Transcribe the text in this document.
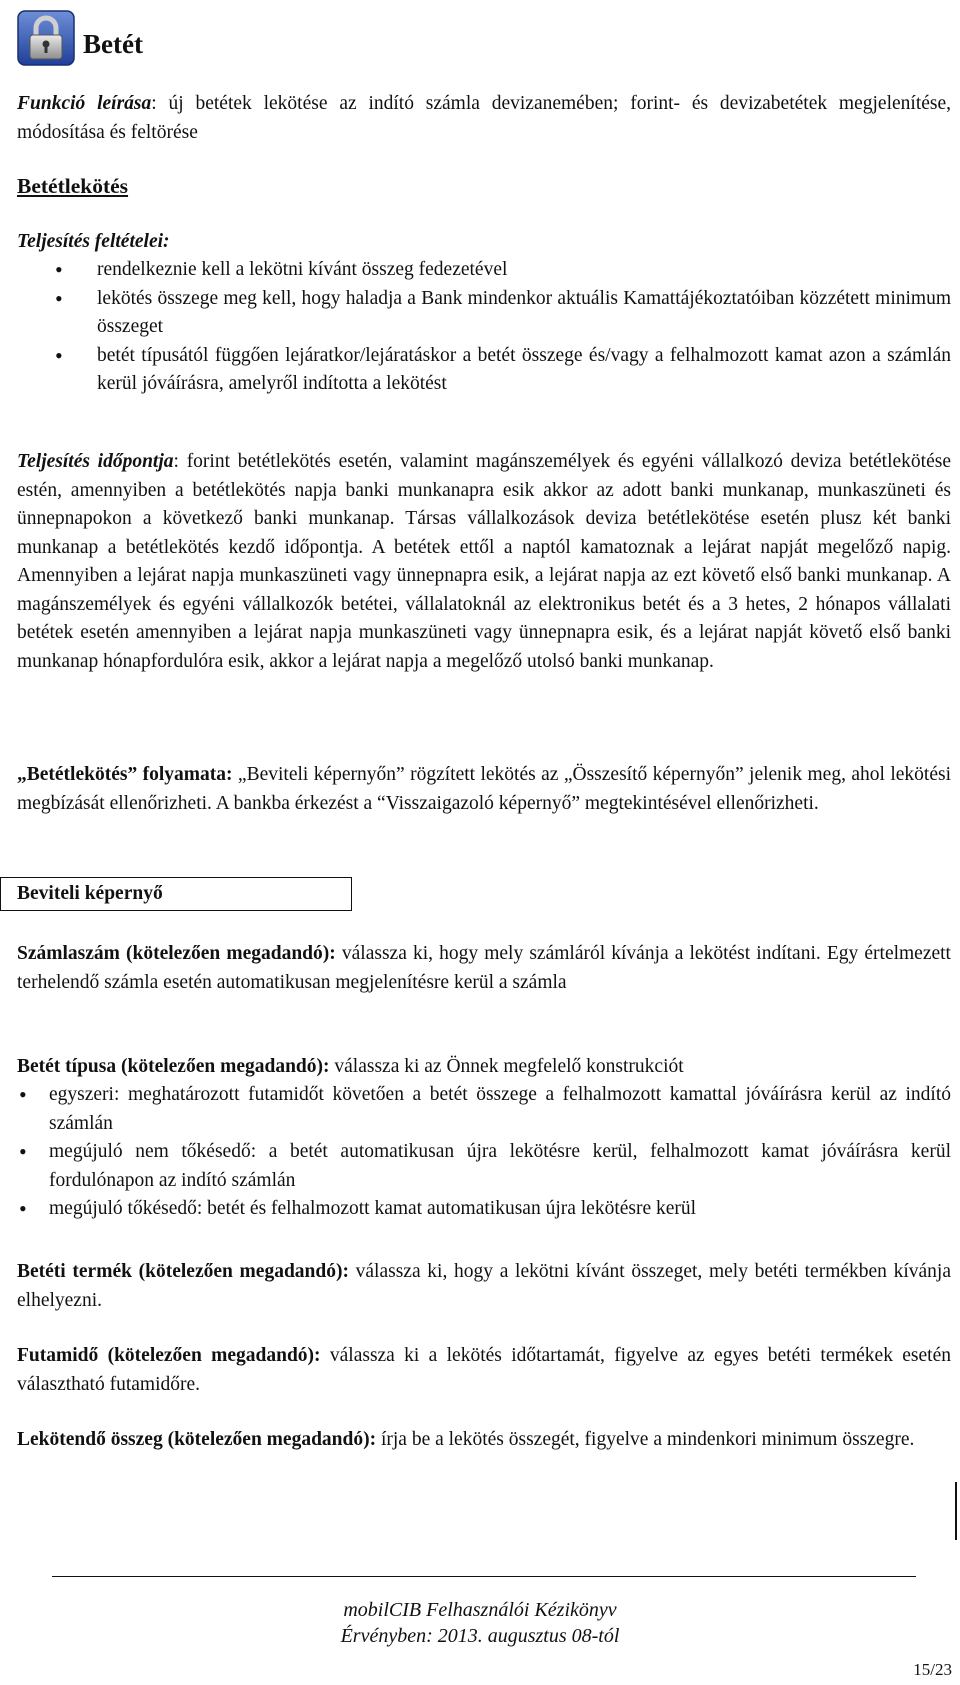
Betét

Funkció leírása: új betétek lekötése az indító számla devizanemében; forint- és devizabetétek megjelenítése, módosítása és feltörése

Betétlekötés
Teljesítés feltételei:
• rendelkeznie kell a lekötni kívánt összeg fedezetével
• lekötés összege meg kell, hogy haladja a Bank mindenkor aktuális Kamattájékoztatóiban közzétett minimum összeget
• betét típusától függően lejáratkor/lejáratáskor a betét összege és/vagy a felhalmozott kamat azon a számlán kerül jóváírásra, amelyről indította a lekötést

Teljesítés időpontja: forint betétlekötés esetén, valamint magánszemélyek és egyéni vállalkozó deviza betétlekötése estén, amennyiben a betétlekötés napja banki munkanapra esik akkor az adott banki munkanap, munkaszüneti és ünnepnapokon a következő banki munkanap. Társas vállalkozások deviza betétlekötése esetén plusz két banki munkanap a betétlekötés kezdő időpontja. A betétek ettől a naptól kamatoznak a lejárat napját megelőző napig. Amennyiben a lejárat napja munkaszüneti vagy ünnepnapra esik, a lejárat napja az ezt követő első banki munkanap. A magánszemélyek és egyéni vállalkozók betétei, vállalatoknál az elektronikus betét és a 3 hetes, 2 hónapos vállalati betétek esetén amennyiben a lejárat napja munkaszüneti vagy ünnepnapra esik, és a lejárat napját követő első banki munkanap hónapfordulóra esik, akkor a lejárat napja a megelőző utolsó banki munkanap.

„Betétlekötés” folyamata: „Beviteli képernyőn” rögzített lekötés az „Összesítő képernyőn” jelenik meg, ahol lekötési megbízását ellenőrizheti. A bankba érkezést a “Visszaigazoló képernyő” megtekintésével ellenőrizheti.

Beviteli képernyő

Számlaszám (kötelezően megadandó): válassza ki, hogy mely számláról kívánja a lekötést indítani. Egy értelmezett terhelendő számla esetén automatikusan megjelenítésre kerül a számla

Betét típusa (kötelezően megadandó): válassza ki az Önnek megfelelő konstrukciót

• egyszeri: meghatározott futamidőt követően a betét összege a felhalmozott kamattal jóváírásra kerül az indító számlán
• megújuló nem tőkésedő: a betét automatikusan újra lekötésre kerül, felhalmozott kamat jóváírásra kerül fordulónapon az indító számlán
• megújuló tőkésedő: betét és felhalmozott kamat automatikusan újra lekötésre kerül

Betéti termék (kötelezően megadandó): válassza ki, hogy a lekötni kívánt összeget, mely betéti termékben kívánja elhelyezni.

Futamidő (kötelezően megadandó): válassza ki a lekötés időtartamát, figyelve az egyes betéti termékek esetén választható futamidőre.

Lekötendő összeg (kötelezően megadandó): írja be a lekötés összegét, figyelve a mindenkori minimum összegre.

mobilCIB Felhasználói Kézikönyv
Érvényben: 2013. augusztus 08-tól
15/23
